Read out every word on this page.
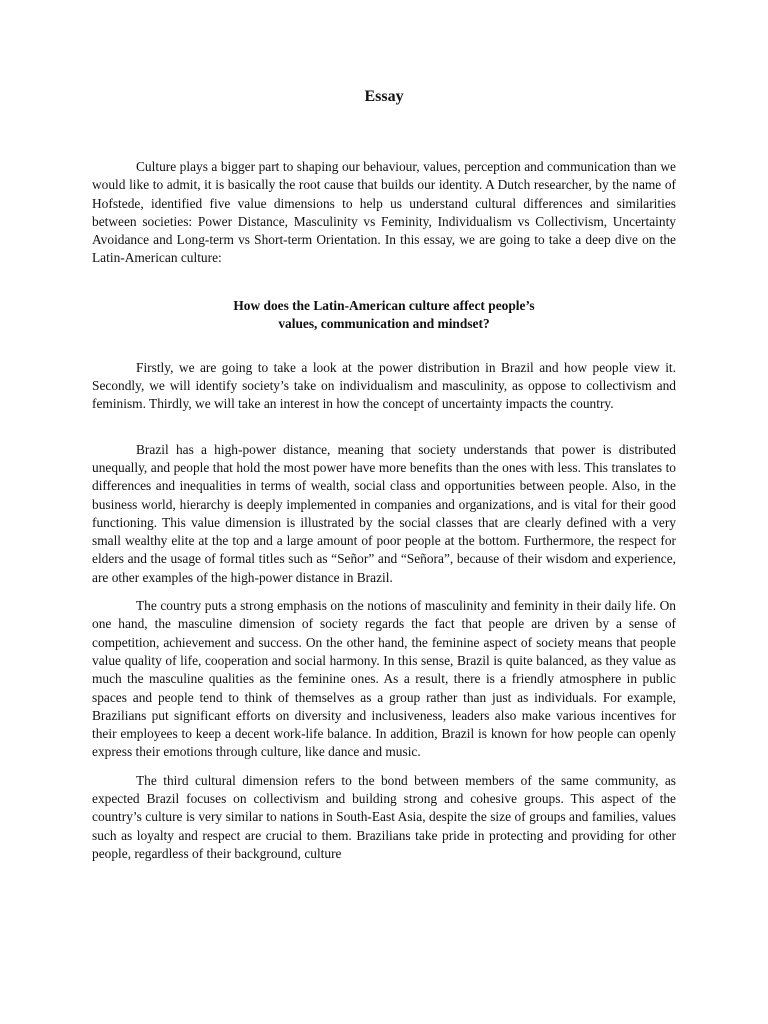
Essay

Culture plays a bigger part to shaping our behaviour, values, perception and communication than we would like to admit, it is basically the root cause that builds our identity. A Dutch researcher, by the name of Hofstede, identified five value dimensions to help us understand cultural differences and similarities between societies: Power Distance, Masculinity vs Feminity, Individualism vs Collectivism, Uncertainty Avoidance and Long-term vs Short-term Orientation. In this essay, we are going to take a deep dive on the Latin-American culture:

How does the Latin-American culture affect people’s
values, communication and mindset?

Firstly, we are going to take a look at the power distribution in Brazil and how people view it. Secondly, we will identify society’s take on individualism and masculinity, as oppose to collectivism and feminism. Thirdly, we will take an interest in how the concept of uncertainty impacts the country.

Brazil has a high-power distance, meaning that society understands that power is distributed unequally, and people that hold the most power have more benefits than the ones with less. This translates to differences and inequalities in terms of wealth, social class and opportunities between people. Also, in the business world, hierarchy is deeply implemented in companies and organizations, and is vital for their good functioning. This value dimension is illustrated by the social classes that are clearly defined with a very small wealthy elite at the top and a large amount of poor people at the bottom. Furthermore, the respect for elders and the usage of formal titles such as “Señor” and “Señora”, because of their wisdom and experience, are other examples of the high-power distance in Brazil.

The country puts a strong emphasis on the notions of masculinity and feminity in their daily life. On one hand, the masculine dimension of society regards the fact that people are driven by a sense of competition, achievement and success. On the other hand, the feminine aspect of society means that people value quality of life, cooperation and social harmony. In this sense, Brazil is quite balanced, as they value as much the masculine qualities as the feminine ones. As a result, there is a friendly atmosphere in public spaces and people tend to think of themselves as a group rather than just as individuals. For example, Brazilians put significant efforts on diversity and inclusiveness, leaders also make various incentives for their employees to keep a decent work-life balance. In addition, Brazil is known for how people can openly express their emotions through culture, like dance and music.

The third cultural dimension refers to the bond between members of the same community, as expected Brazil focuses on collectivism and building strong and cohesive groups. This aspect of the country’s culture is very similar to nations in South-East Asia, despite the size of groups and families, values such as loyalty and respect are crucial to them. Brazilians take pride in protecting and providing for other people, regardless of their background, culture
